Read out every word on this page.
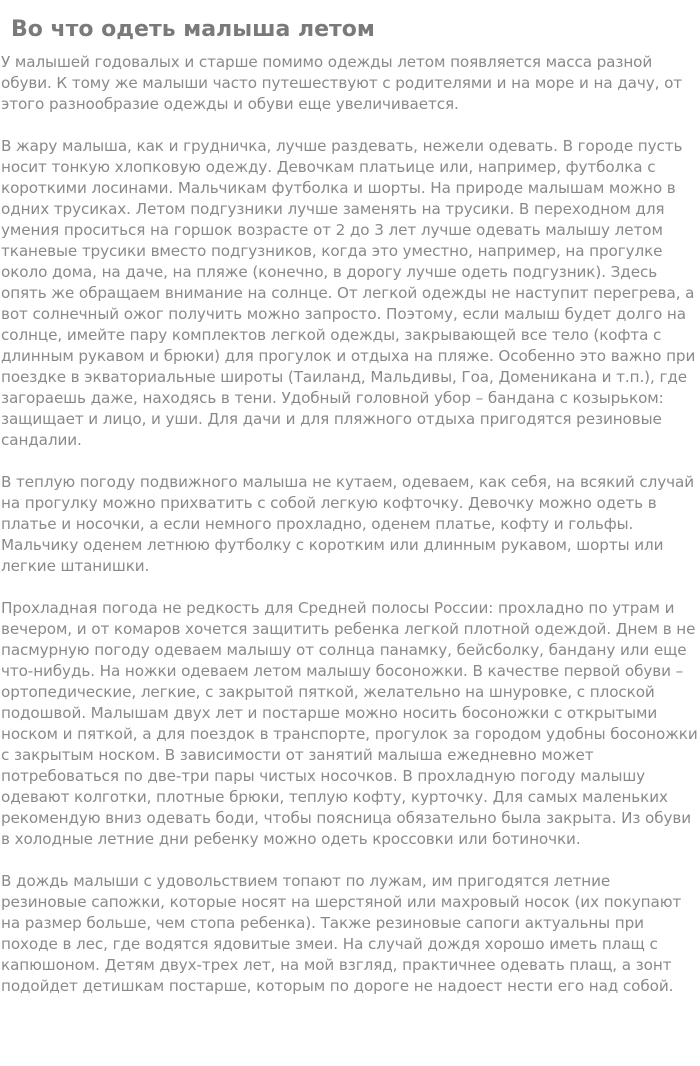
Во что одеть малыша летом

У малышей годовалых и старше помимо одежды летом появляется масса разной обуви. К тому же малыши часто путешествуют с родителями и на море и на дачу, от этого разнообразие одежды и обуви еще увеличивается.

В жару малыша, как и грудничка, лучше раздевать, нежели одевать. В городе пусть носит тонкую хлопковую одежду. Девочкам платьице или, например, футболка с короткими лосинами. Мальчикам футболка и шорты. На природе малышам можно в одних трусиках. Летом подгузники лучше заменять на трусики. В переходном для умения проситься на горшок возрасте от 2 до 3 лет лучше одевать малышу летом тканевые трусики вместо подгузников, когда это уместно, например, на прогулке около дома, на даче, на пляже (конечно, в дорогу лучше одеть подгузник). Здесь опять же обращаем внимание на солнце. От легкой одежды не наступит перегрева, а вот солнечный ожог получить можно запросто. Поэтому, если малыш будет долго на солнце, имейте пару комплектов легкой одежды, закрывающей все тело (кофта с длинным рукавом и брюки) для прогулок и отдыха на пляже. Особенно это важно при поездке в экваториальные широты (Таиланд, Мальдивы, Гоа, Доменикана и т.п.), где загораешь даже, находясь в тени. Удобный головной убор – бандана с козырьком: защищает и лицо, и уши. Для дачи и для пляжного отдыха пригодятся резиновые сандалии.

В теплую погоду подвижного малыша не кутаем, одеваем, как себя, на всякий случай на прогулку можно прихватить с собой легкую кофточку. Девочку можно одеть в платье и носочки, а если немного прохладно, оденем платье, кофту и гольфы. Мальчику оденем летнюю футболку с коротким или длинным рукавом, шорты или легкие штанишки.

Прохладная погода не редкость для Средней полосы России: прохладно по утрам и вечером, и от комаров хочется защитить ребенка легкой плотной одеждой. Днем в не пасмурную погоду одеваем малышу от солнца панамку, бейсболку, бандану или еще что-нибудь. На ножки одеваем летом малышу босоножки. В качестве первой обуви – ортопедические, легкие, с закрытой пяткой, желательно на шнуровке, с плоской подошвой. Малышам двух лет и постарше можно носить босоножки с открытыми носком и пяткой, а для поездок в транспорте, прогулок за городом удобны босоножки с закрытым носком. В зависимости от занятий малыша ежедневно может потребоваться по две-три пары чистых носочков. В прохладную погоду малышу одевают колготки, плотные брюки, теплую кофту, курточку. Для самых маленьких рекомендую вниз одевать боди, чтобы поясница обязательно была закрыта. Из обуви в холодные летние дни ребенку можно одеть кроссовки или ботиночки.

В дождь малыши с удовольствием топают по лужам, им пригодятся летние резиновые сапожки, которые носят на шерстяной или махровый носок (их покупают на размер больше, чем стопа ребенка). Также резиновые сапоги актуальны при походе в лес, где водятся ядовитые змеи. На случай дождя хорошо иметь плащ с капюшоном. Детям двух-трех лет, на мой взгляд, практичнее одевать плащ, а зонт подойдет детишкам постарше, которым по дороге не надоест нести его над собой.
